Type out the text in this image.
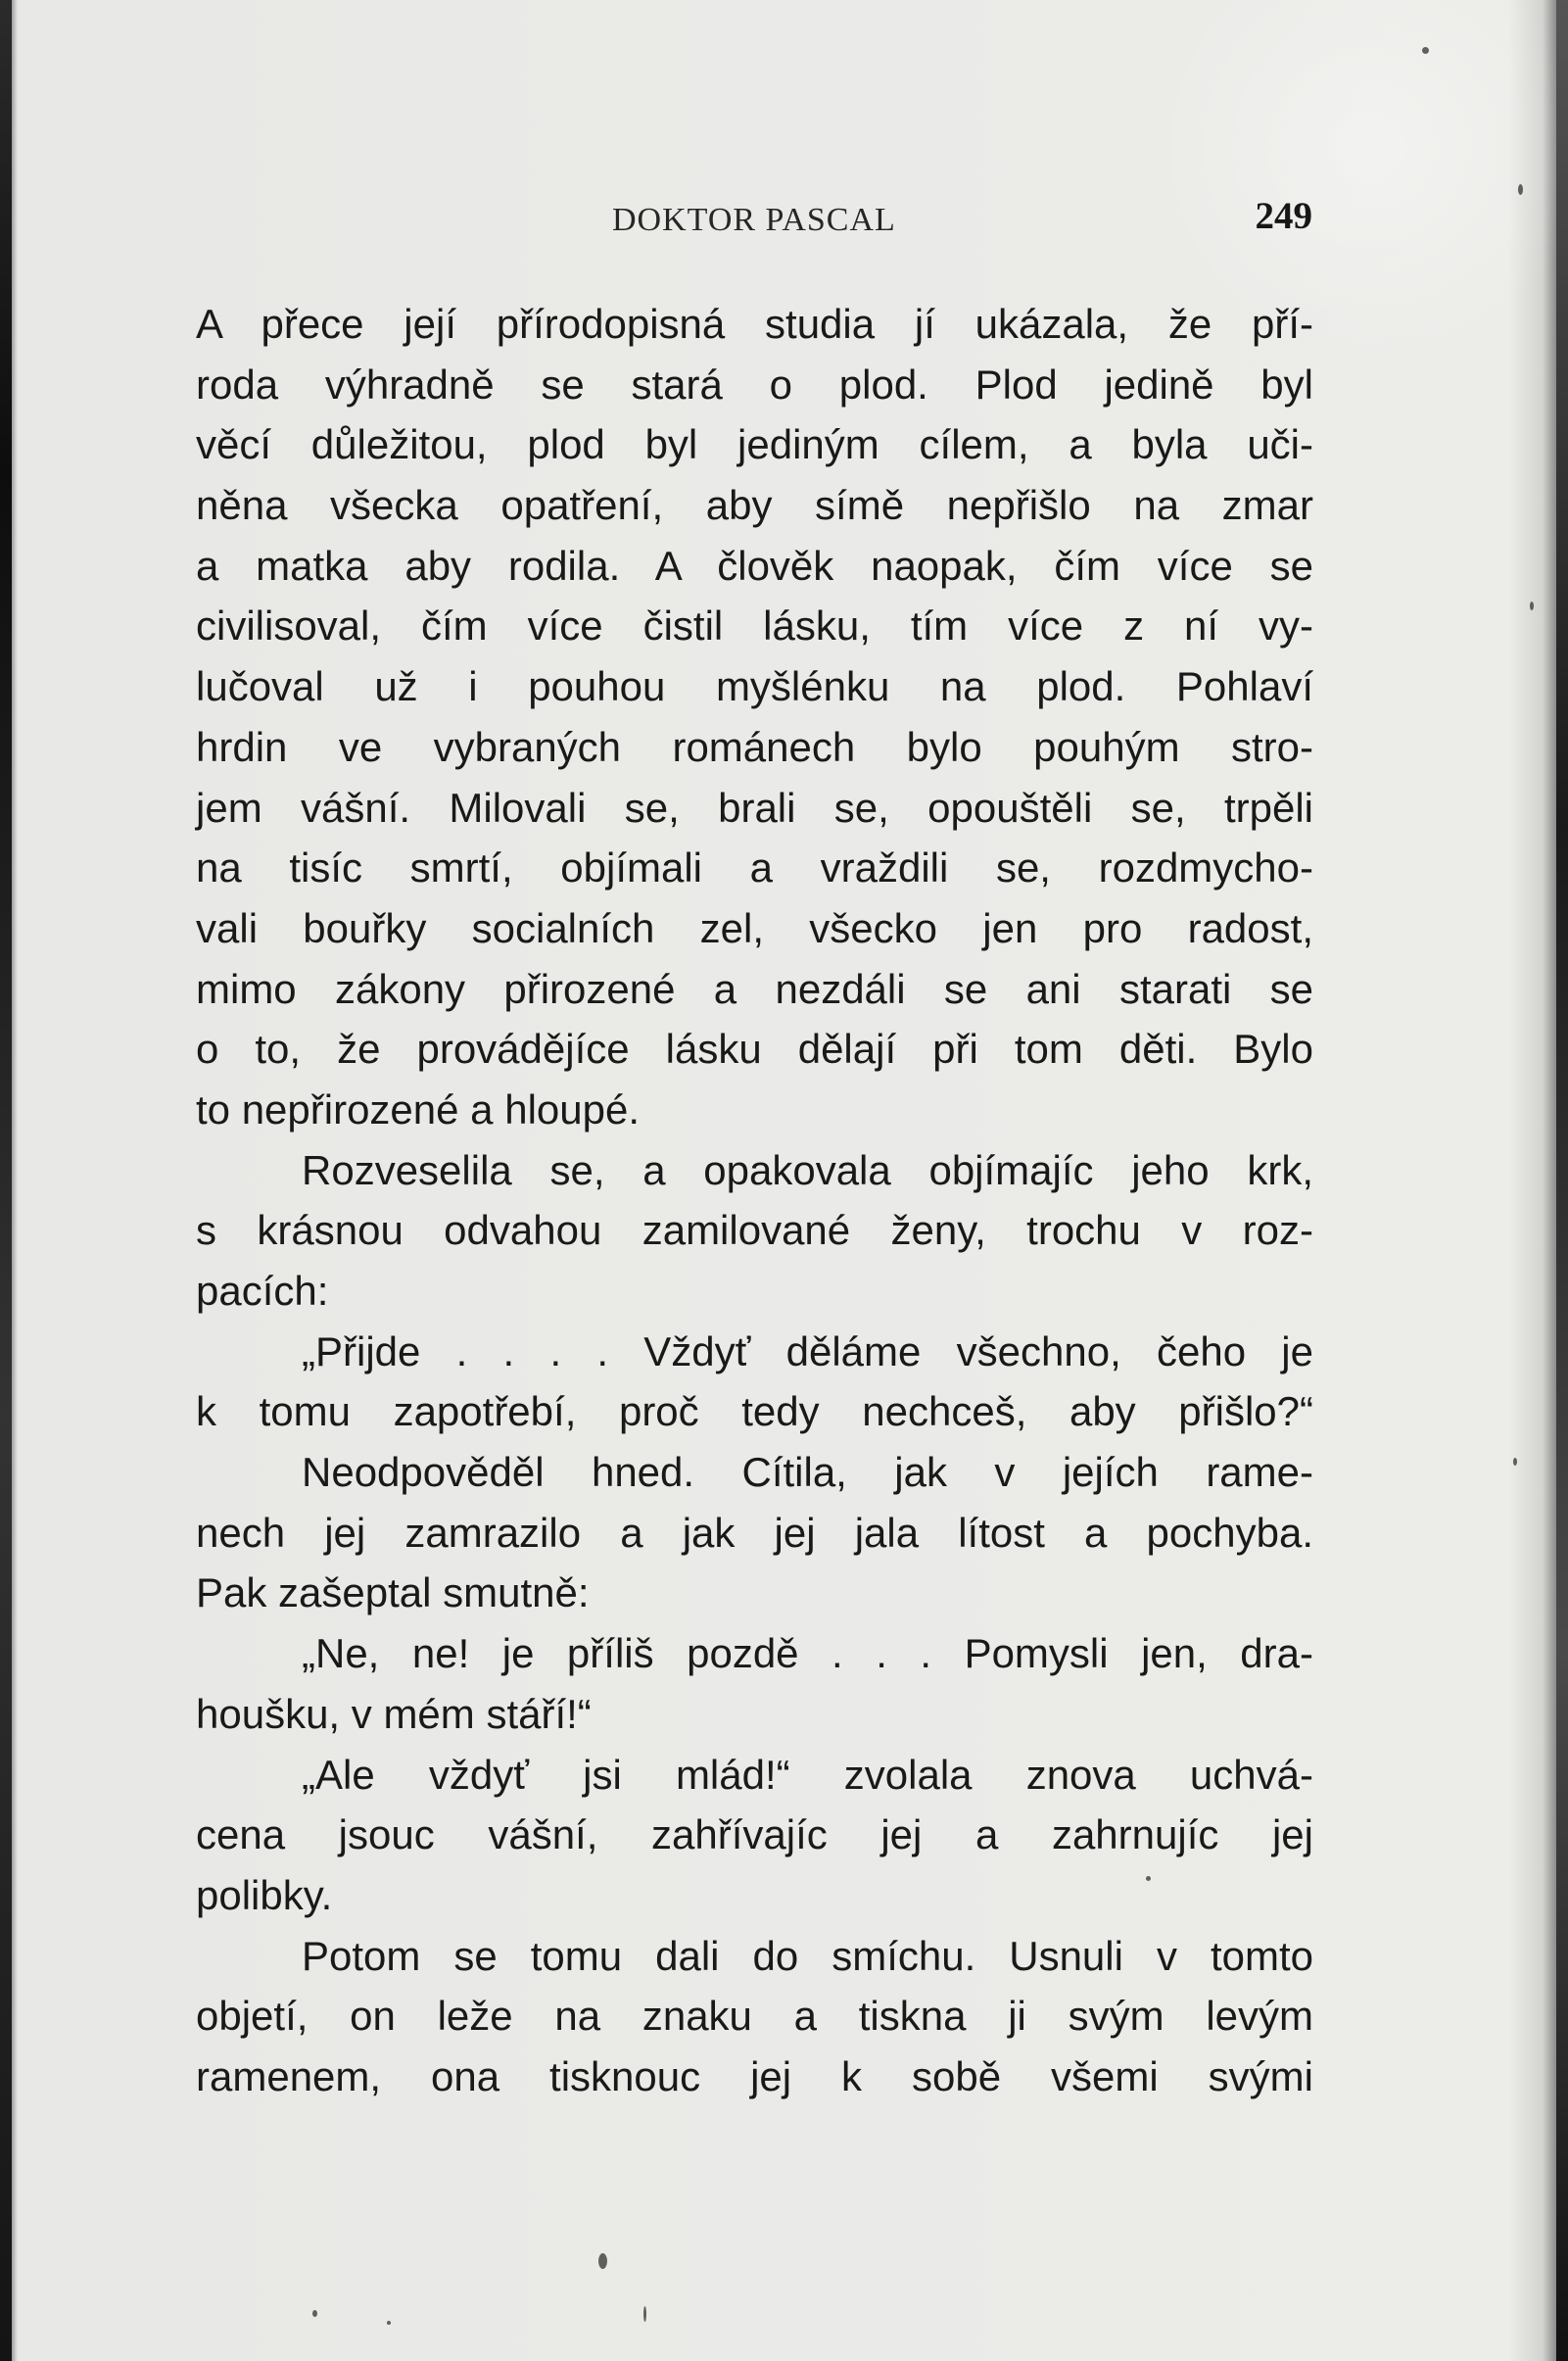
DOKTOR PASCAL	249
A přece její přírodopisná studia jí ukázala, že pří-
roda výhradně se stará o plod. Plod jedině byl
věcí důležitou, plod byl jediným cílem, a byla uči-
něna všecka opatření, aby símě nepřišlo na zmar
a matka aby rodila. A člověk naopak, čím více se
civilisoval, čím více čistil lásku, tím více z ní vy-
lučoval už i pouhou myšlénku na plod. Pohlaví
hrdin ve vybraných románech bylo pouhým stro-
jem vášní. Milovali se, brali se, opouštěli se, trpěli
na tisíc smrtí, objímali a vraždili se, rozdmycho-
vali bouřky socialních zel, všecko jen pro radost,
mimo zákony přirozené a nezdáli se ani starati se
o to, že provádějíce lásku dělají při tom děti. Bylo
to nepřirozené a hloupé.
Rozveselila se, a opakovala objímajíc jeho krk,
s krásnou odvahou zamilované ženy, trochu v roz-
pacích:
„Přijde . . . . Vždyť děláme všechno, čeho je
k tomu zapotřebí, proč tedy nechceš, aby přišlo?“
Neodpověděl hned. Cítila, jak v jejích rame-
nech jej zamrazilo a jak jej jala lítost a pochyba.
Pak zašeptal smutně:
„Ne, ne! je příliš pozdě . . . Pomysli jen, dra-
houšku, v mém stáří!“
„Ale vždyť jsi mlád!“ zvolala znova uchvá-
cena jsouc vášní, zahřívajíc jej a zahrnujíc jej
polibky.
Potom se tomu dali do smíchu. Usnuli v tomto
objetí, on leže na znaku a tiskna ji svým levým
ramenem, ona tisknouc jej k sobě všemi svými
